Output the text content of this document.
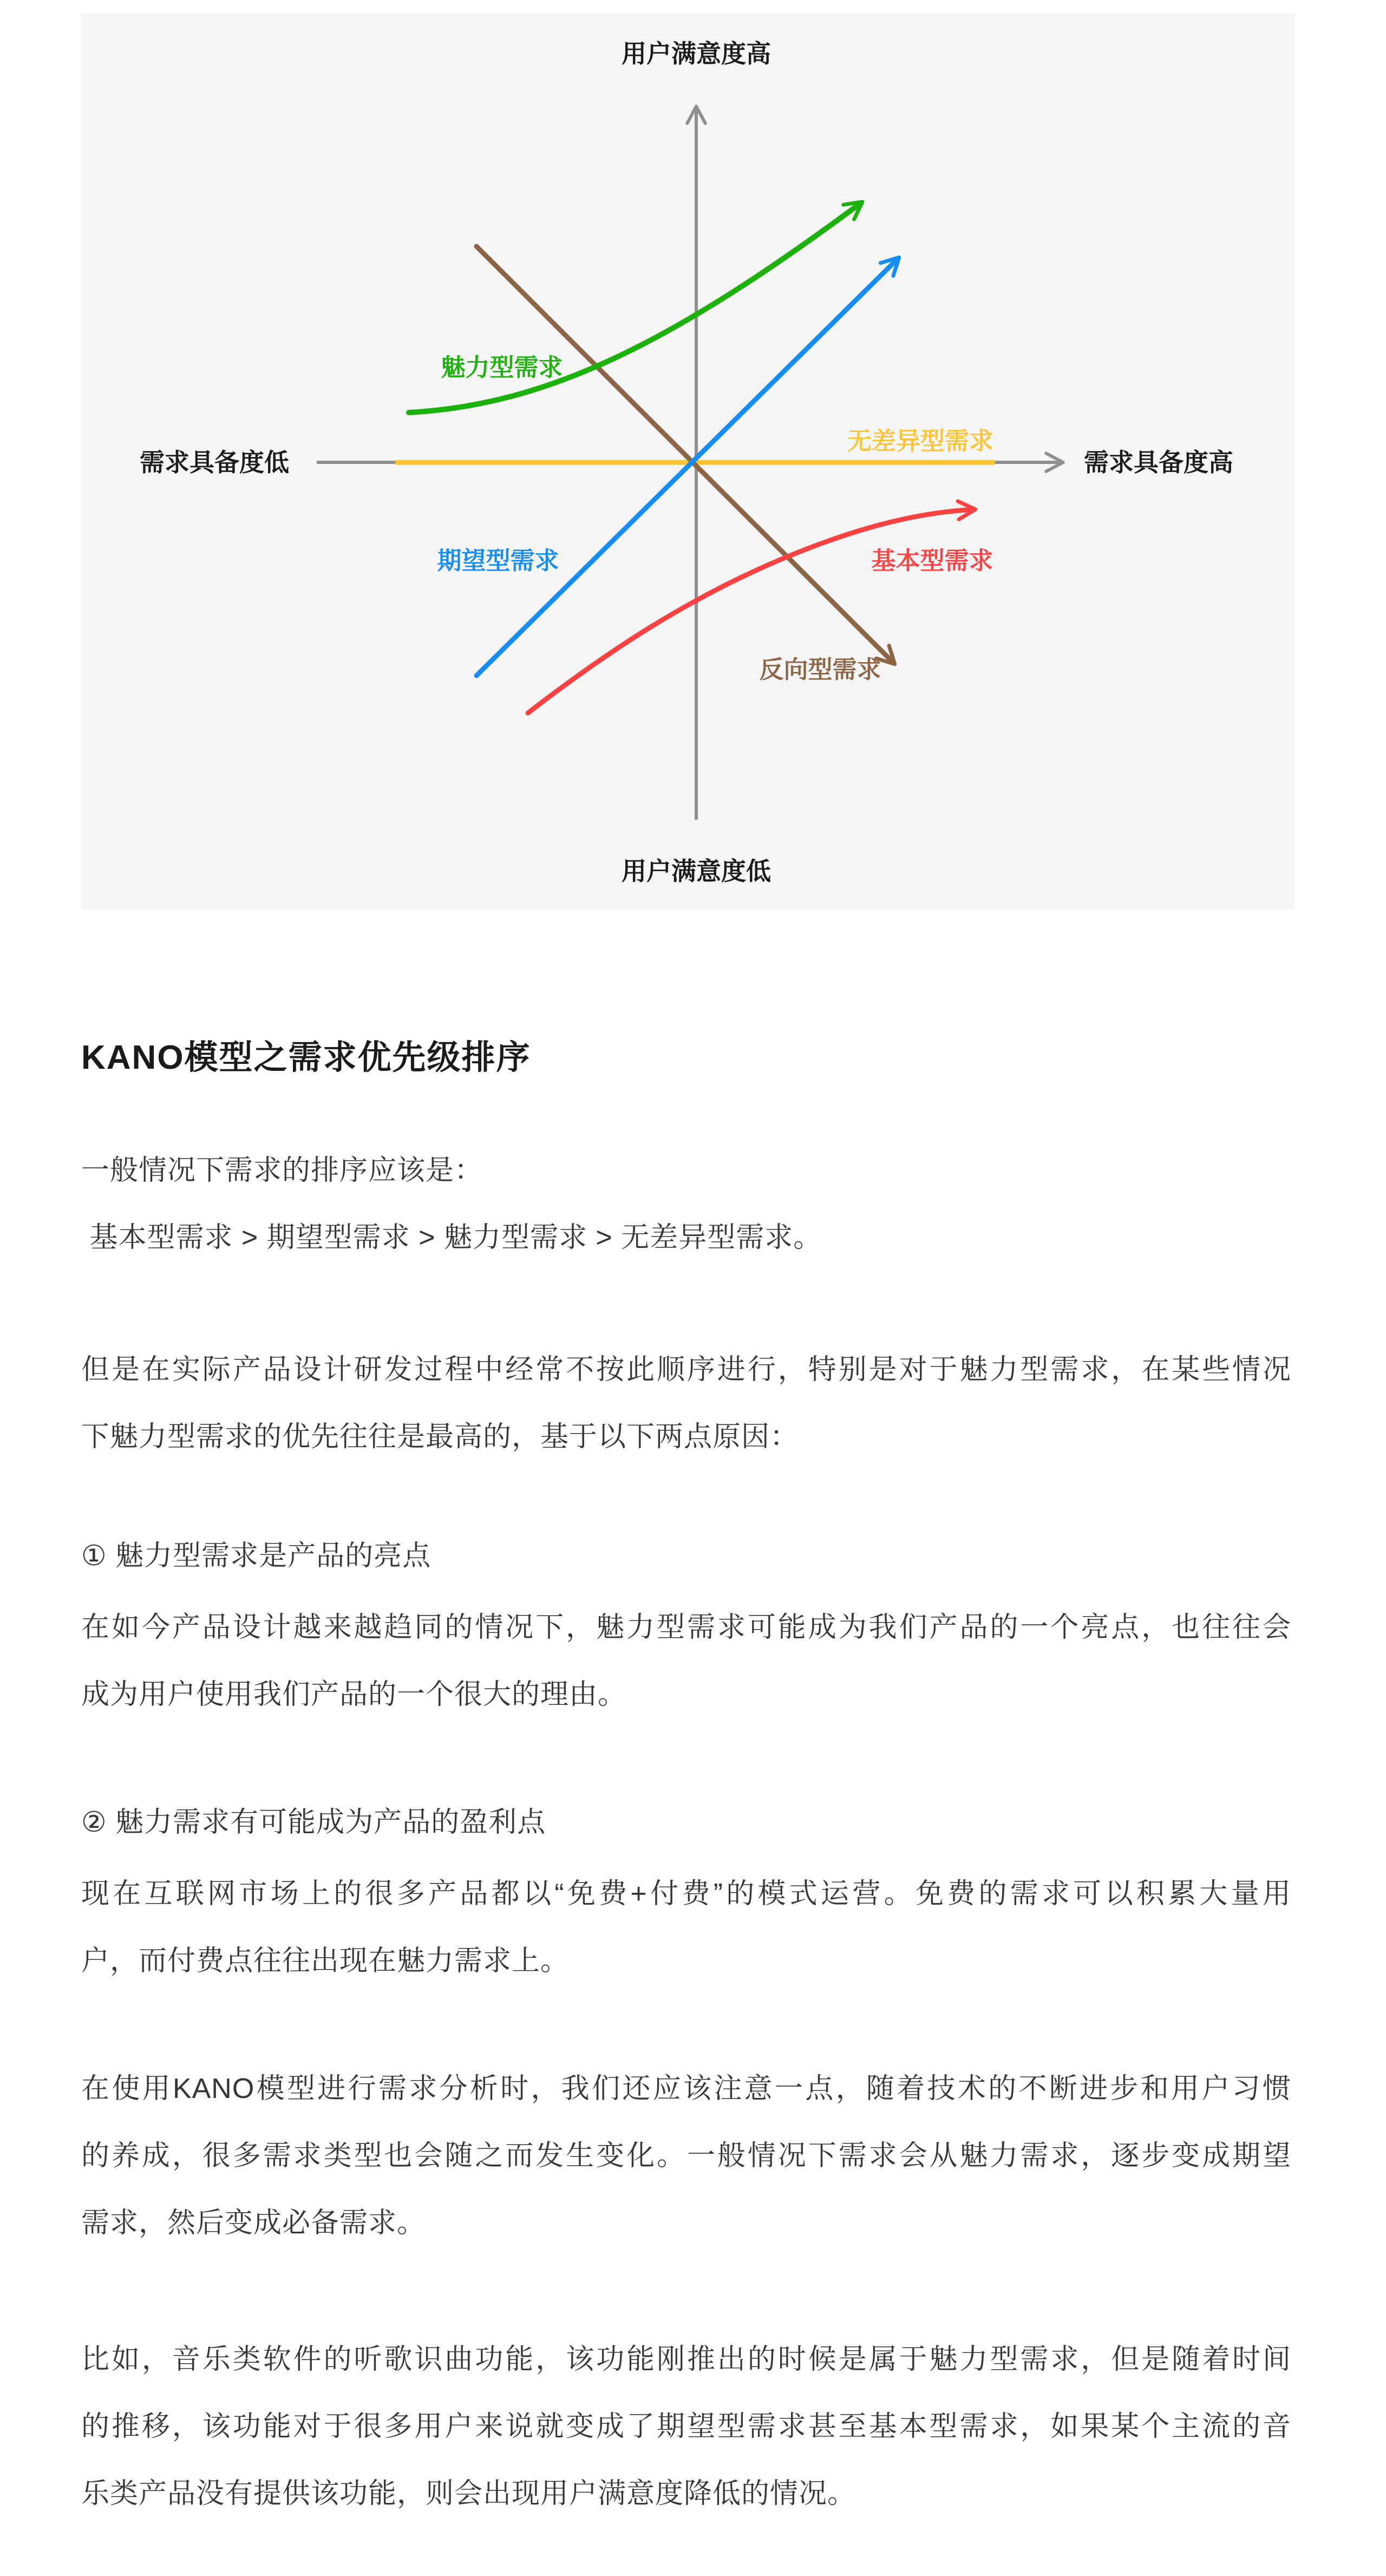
用户满意度高
用户满意度低
需求具备度低	需求具备度高
魅力型需求
无差异型需求
期望型需求	基本型需求
反向型需求
KANO模型之需求优先级排序
一般情况下需求的排序应该是：
基本型需求 > 期望型需求 > 魅力型需求 > 无差异型需求。
但是在实际产品设计研发过程中经常不按此顺序进行，特别是对于魅力型需求，在某些情况
下魅力型需求的优先往往是最高的，基于以下两点原因：
① 魅力型需求是产品的亮点
在如今产品设计越来越趋同的情况下，魅力型需求可能成为我们产品的一个亮点，也往往会
成为用户使用我们产品的一个很大的理由。
② 魅力需求有可能成为产品的盈利点
现在互联网市场上的很多产品都以“免费+付费”的模式运营。免费的需求可以积累大量用
户，而付费点往往出现在魅力需求上。
在使用KANO模型进行需求分析时，我们还应该注意一点，随着技术的不断进步和用户习惯
的养成，很多需求类型也会随之而发生变化。一般情况下需求会从魅力需求，逐步变成期望
需求，然后变成必备需求。
比如，音乐类软件的听歌识曲功能，该功能刚推出的时候是属于魅力型需求，但是随着时间
的推移，该功能对于很多用户来说就变成了期望型需求甚至基本型需求，如果某个主流的音
乐类产品没有提供该功能，则会出现用户满意度降低的情况。
